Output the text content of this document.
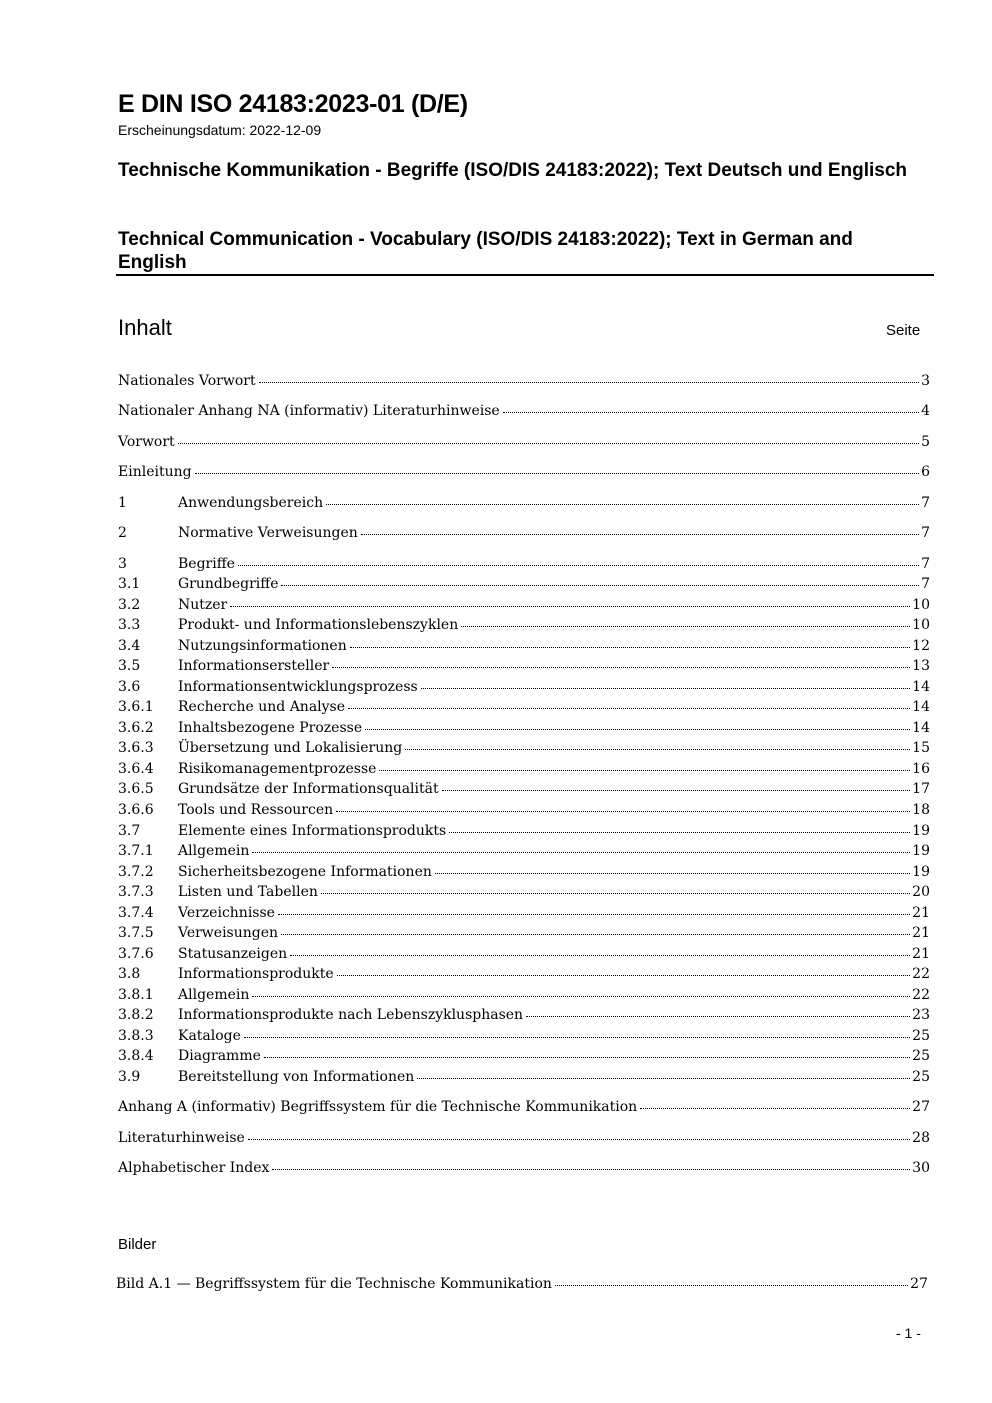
E DIN ISO 24183:2023-01 (D/E)
Erscheinungsdatum: 2022-12-09
Technische Kommunikation - Begriffe (ISO/DIS 24183:2022); Text Deutsch und Englisch
Technical Communication - Vocabulary (ISO/DIS 24183:2022); Text in German and English
Inhalt	Seite
Nationales Vorwort	3
Nationaler Anhang NA (informativ) Literaturhinweise	4
Vorwort	5
Einleitung	6
1	Anwendungsbereich	7
2	Normative Verweisungen	7
3	Begriffe	7
3.1	Grundbegriffe	7
3.2	Nutzer	10
3.3	Produkt- und Informationslebenszyklen	10
3.4	Nutzungsinformationen	12
3.5	Informationsersteller	13
3.6	Informationsentwicklungsprozess	14
3.6.1	Recherche und Analyse	14
3.6.2	Inhaltsbezogene Prozesse	14
3.6.3	Übersetzung und Lokalisierung	15
3.6.4	Risikomanagementprozesse	16
3.6.5	Grundsätze der Informationsqualität	17
3.6.6	Tools und Ressourcen	18
3.7	Elemente eines Informationsprodukts	19
3.7.1	Allgemein	19
3.7.2	Sicherheitsbezogene Informationen	19
3.7.3	Listen und Tabellen	20
3.7.4	Verzeichnisse	21
3.7.5	Verweisungen	21
3.7.6	Statusanzeigen	21
3.8	Informationsprodukte	22
3.8.1	Allgemein	22
3.8.2	Informationsprodukte nach Lebenszyklusphasen	23
3.8.3	Kataloge	25
3.8.4	Diagramme	25
3.9	Bereitstellung von Informationen	25
Anhang A (informativ) Begriffssystem für die Technische Kommunikation	27
Literaturhinweise	28
Alphabetischer Index	30
Bilder
Bild A.1 — Begriffssystem für die Technische Kommunikation	27
- 1 -
